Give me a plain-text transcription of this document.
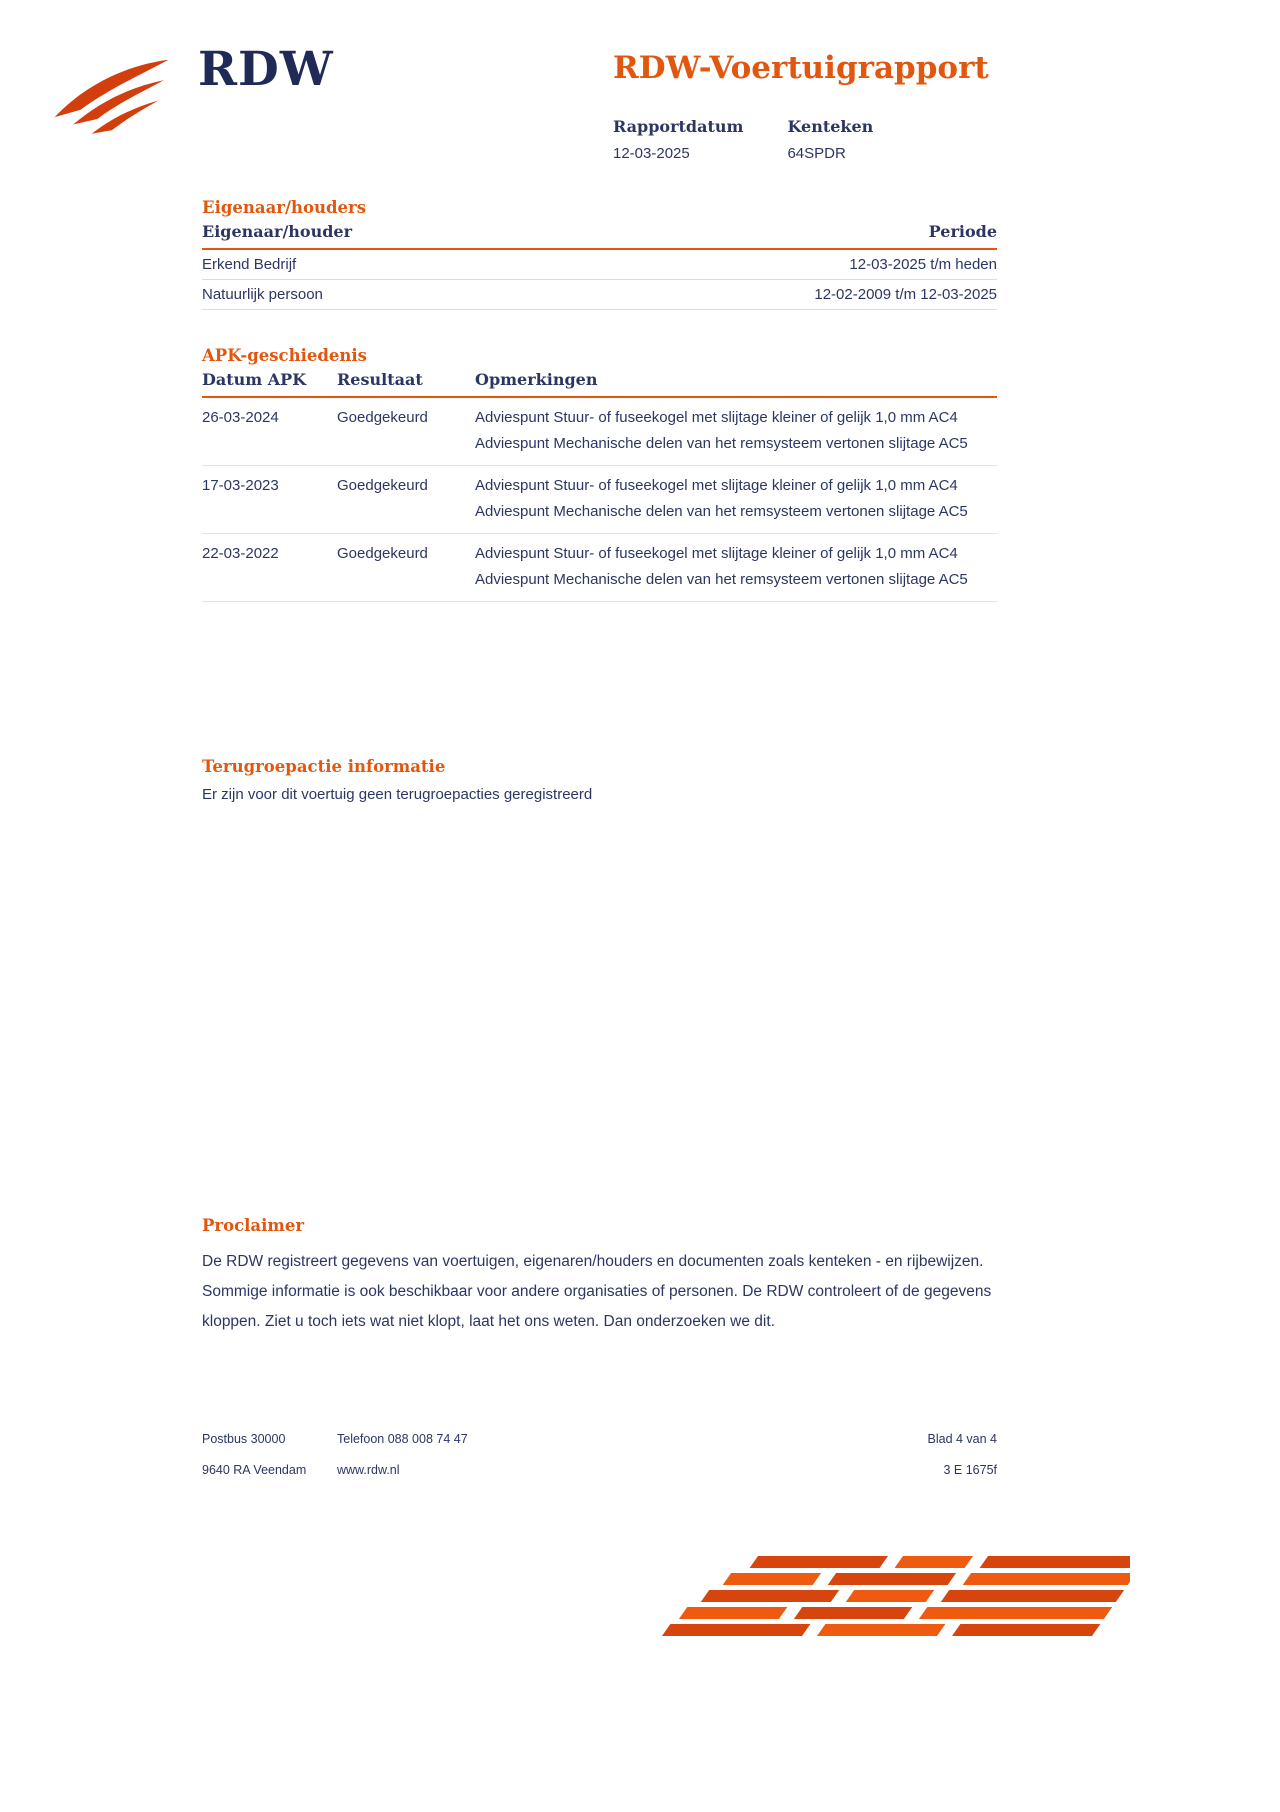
RDW	RDW-Voertuigrapport
Rapportdatum
12-03-2025

Kenteken
64SPDR
Eigenaar/houders
Eigenaar/houder	Periode
Erkend Bedrijf	12-03-2025 t/m heden
Natuurlijk persoon	12-02-2009 t/m 12-03-2025
APK-geschiedenis
Datum APK	Resultaat	Opmerkingen
26-03-2024	Goedgekeurd	Adviespunt Stuur- of fuseekogel met slijtage kleiner of gelijk 1,0 mm AC4

Adviespunt Mechanische delen van het remsysteem vertonen slijtage AC5

17-03-2023	Goedgekeurd	Adviespunt Stuur- of fuseekogel met slijtage kleiner of gelijk 1,0 mm AC4

Adviespunt Mechanische delen van het remsysteem vertonen slijtage AC5

22-03-2022	Goedgekeurd	Adviespunt Stuur- of fuseekogel met slijtage kleiner of gelijk 1,0 mm AC4

Adviespunt Mechanische delen van het remsysteem vertonen slijtage AC5

Terugroepactie informatie
Er zijn voor dit voertuig geen terugroepacties geregistreerd
Proclaimer
De RDW registreert gegevens van voertuigen, eigenaren/houders en documenten zoals kenteken - en rijbewijzen. Sommige informatie is ook beschikbaar voor andere organisaties of personen. De RDW controleert of de gegevens kloppen. Ziet u toch iets wat niet klopt, laat het ons weten. Dan onderzoeken we dit.
Postbus 30000	Telefoon 088 008 74 47	Blad 4 van 4
9640 RA Veendam	www.rdw.nl	3 E 1675f
